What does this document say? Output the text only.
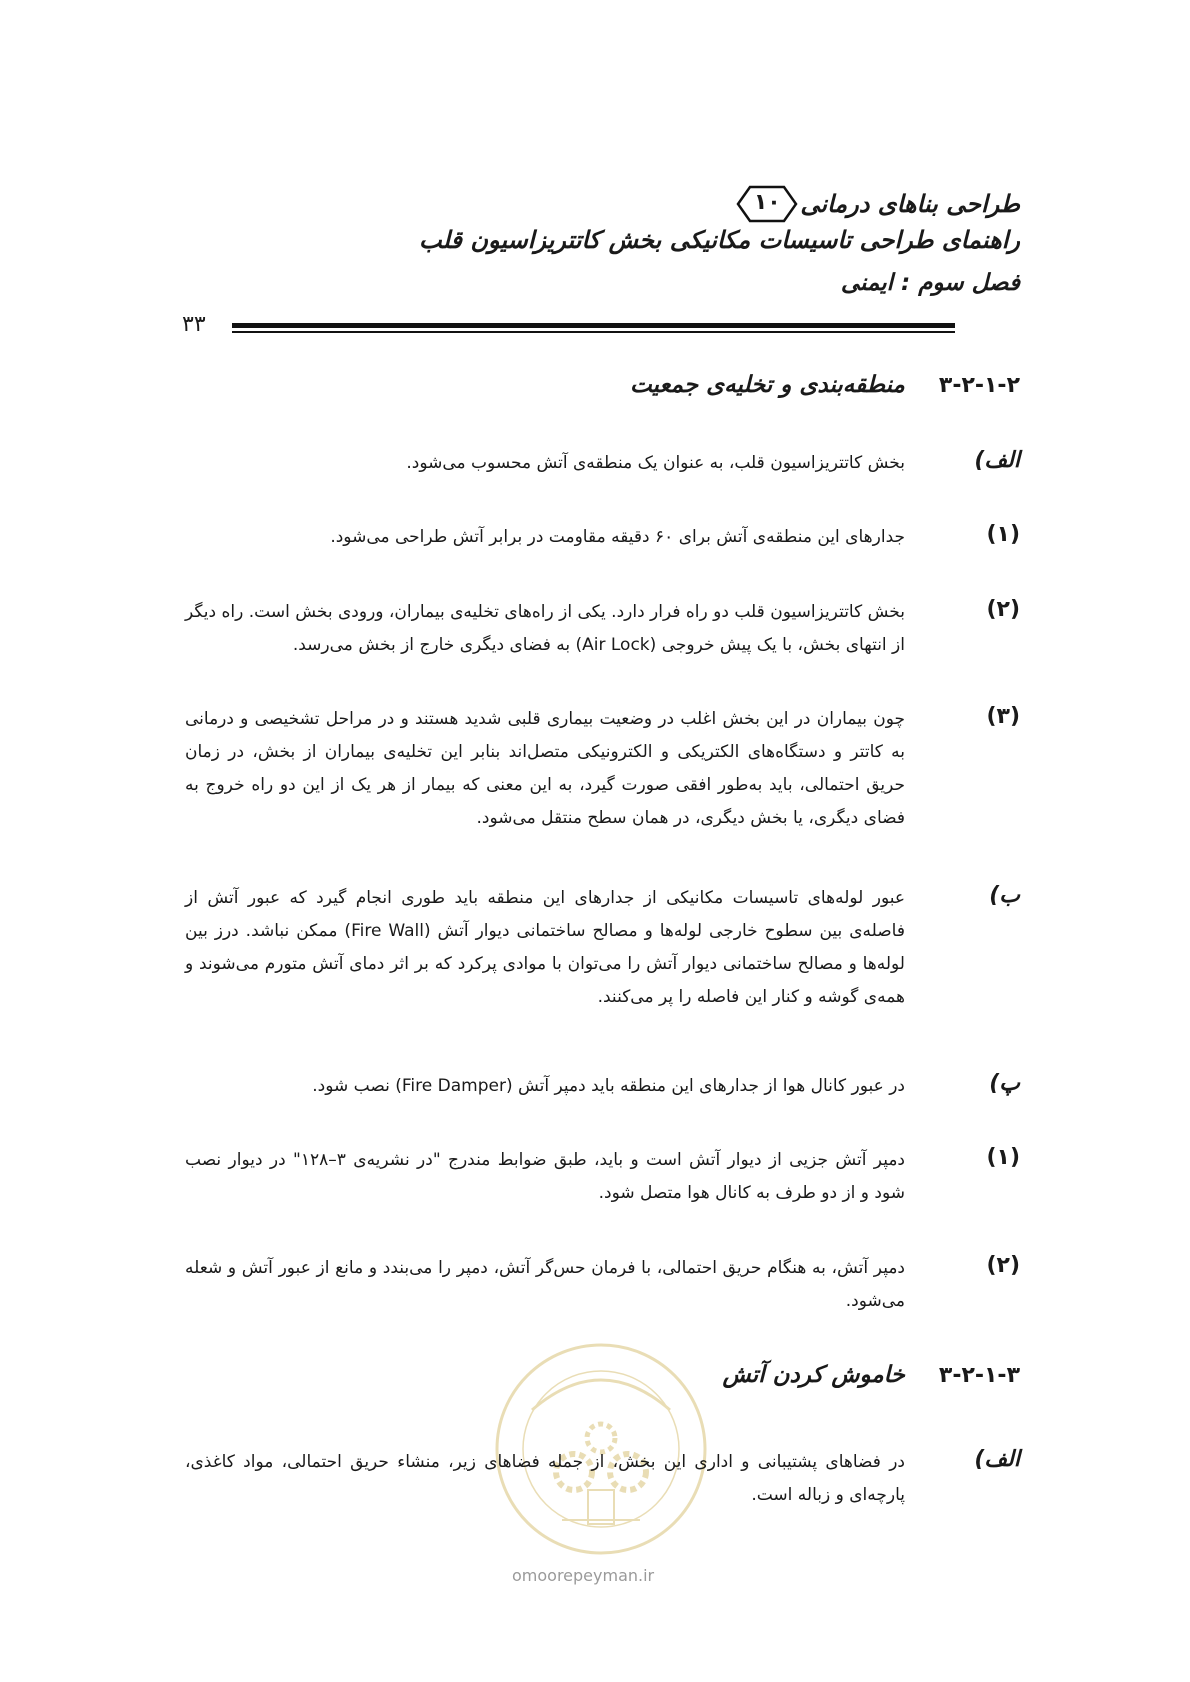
طراحی بناهای درمانی
۱۰
راهنمای طراحی تاسیسات مکانیکی بخش کاتتریزاسیون قلب
فصل سوم : ایمنی
۳۳
۳-۲-۱-۲
منطقه‌بندی و تخلیه‌ی جمعیت
الف)
بخش کاتتریزاسیون قلب، به عنوان یک منطقه‌ی آتش محسوب می‌شود.
(۱)
جدارهای این منطقه‌ی آتش برای ۶۰ دقیقه مقاومت در برابر آتش طراحی می‌شود.
(۲)
بخش کاتتریزاسیون قلب دو راه فرار دارد. یکی از راه‌های تخلیه‌ی بیماران، ورودی بخش است. راه دیگر از انتهای بخش، با یک پیش خروجی (Air Lock) به فضای دیگری خارج از بخش می‌رسد.
(۳)
چون بیماران در این بخش اغلب در وضعیت بیماری قلبی شدید هستند و در مراحل تشخیصی و درمانی به کاتتر و دستگاه‌های الکتریکی و الکترونیکی متصل‌اند بنابر این تخلیه‌ی بیماران از بخش، در زمان حریق احتمالی، باید به‌طور افقی صورت گیرد، به این معنی که بیمار از هر یک از این دو راه خروج به فضای دیگری، یا بخش دیگری، در همان سطح منتقل می‌شود.
ب)
عبور لوله‌های تاسیسات مکانیکی از جدارهای این منطقه باید طوری انجام گیرد که عبور آتش از فاصله‌ی بین سطوح خارجی لوله‌ها و مصالح ساختمانی دیوار آتش (Fire Wall) ممکن نباشد. درز بین لوله‌ها و مصالح ساختمانی دیوار آتش را می‌توان با موادی پرکرد که بر اثر دمای آتش متورم می‌شوند و همه‌ی گوشه و کنار این فاصله را پر می‌کنند.
پ)
در عبور کانال هوا از جدارهای این منطقه باید دمپر آتش (Fire Damper) نصب شود.
(۱)
دمپر آتش جزیی از دیوار آتش است و باید، طبق ضوابط مندرج "در نشریه‌ی ۳–۱۲۸" در دیوار نصب شود و از دو طرف به کانال هوا متصل شود.
(۲)
دمپر آتش، به هنگام حریق احتمالی، با فرمان حس‌گر آتش، دمپر را می‌بندد و مانع از عبور آتش و شعله می‌شود.
omoorepeyman.ir
۳-۲-۱-۳
خاموش کردن آتش
الف)
در فضاهای پشتیبانی و اداری این بخش، از جمله فضاهای زیر، منشاء حریق احتمالی، مواد کاغذی، پارچه‌ای و زباله است.
